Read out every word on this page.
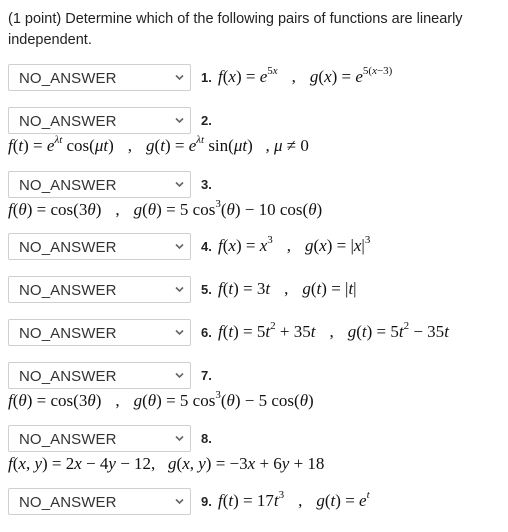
(1 point) Determine which of the following pairs of functions are linearly independent.
NO_ANSWER	1. $f(x) = e^{5x}$ , $g(x) = e^{5(x-3)}$
NO_ANSWER	2.
$f(t) = e^{\lambda t}$ cos(μt) , $g(t) = e^{\lambda t}$ sin(μt)   , μ ≠ 0
NO_ANSWER	3.
f(θ) = cos(3θ) , g(θ) = 5 $\cos^3(\theta) - 10$ cos(θ)
NO_ANSWER	4. $f(x) = x^3$ , $g(x) = |x|^3$
NO_ANSWER	5. f(t) = 3t , g(t) = |t|
NO_ANSWER	6. $f(t) = 5t^2 + 35t$ , $g(t) = 5t^2 - 35t$
NO_ANSWER	7.
f(θ) = cos(3θ) , g(θ) = 5 $\cos^3(\theta) - 5$ cos(θ)
NO_ANSWER	8.
f(x, y) = 2x − 4y − 12,   g(x, y) = −3x + 6y + 18
NO_ANSWER	9. $f(t) = 17t^3$ , $g(t) = e^t$
